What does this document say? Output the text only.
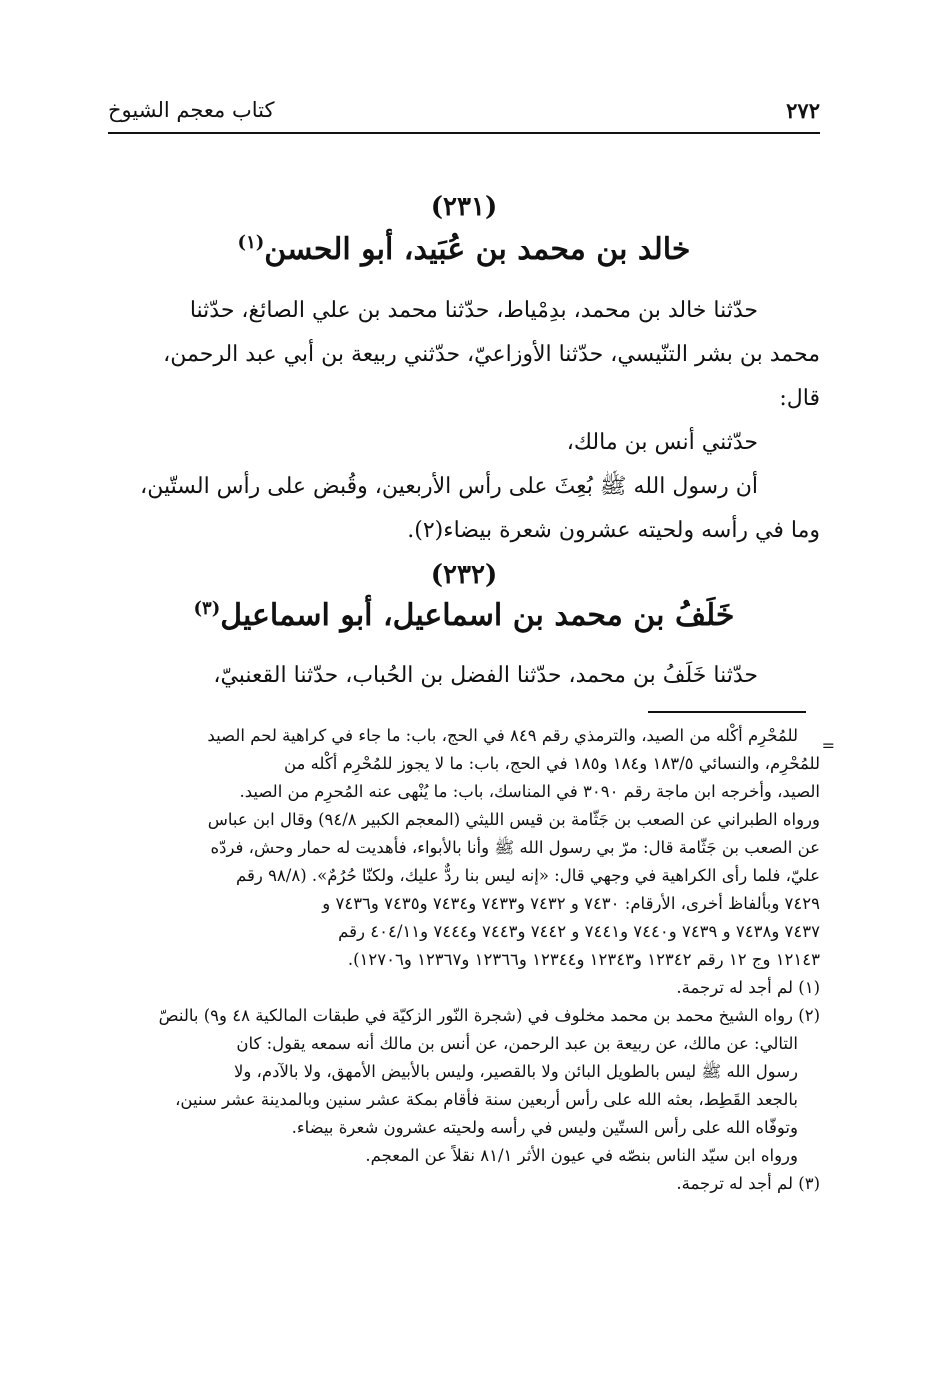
٢٧٢
كتاب معجم الشيوخ
(٢٣١)
خالد بن محمد بن عُبَيد، أبو الحسن$^{(١)}$
حدّثنا خالد بن محمد، بدِمْياط، حدّثنا محمد بن علي الصائغ، حدّثنا
محمد بن بشر التنّيسي، حدّثنا الأوزاعيّ، حدّثني ربيعة بن أبي عبد الرحمن،
قال:
حدّثني أنس بن مالك،
أن رسول الله ﷺ بُعِثَ على رأس الأربعين، وقُبض على رأس الستّين،
وما في رأسه ولحيته عشرون شعرة بيضاء(٢).
(٢٣٢)
خَلَفُ بن محمد بن اسماعيل، أبو اسماعيل$^{(٣)}$
حدّثنا خَلَفُ بن محمد، حدّثنا الفضل بن الحُباب، حدّثنا القعنبيّ،
=
للمُحْرِم أكْله من الصيد، والترمذي رقم ٨٤٩ في الحج، باب: ما جاء في كراهية لحم الصيد
للمُحْرِم، والنسائي ١٨٣/٥ و١٨٤ و١٨٥ في الحج، باب: ما لا يجوز للمُحْرِم أكْله من
الصيد، وأخرجه ابن ماجة رقم ٣٠٩٠ في المناسك، باب: ما يُنْهى عنه المُحرِم من الصيد.
ورواه الطبراني عن الصعب بن جَثّامة بن قيس الليثي (المعجم الكبير ٩٤/٨) وقال ابن عباس
عن الصعب بن جَثّامة قال: مرّ بي رسول الله ﷺ وأنا بالأبواء، فأهديت له حمار وحش، فردّه
عليّ، فلما رأى الكراهية في وجهي قال: «إنه ليس بنا ردٌّ عليك، ولكنّا حُرُمٌ». (٩٨/٨ رقم
٧٤٢٩ وبألفاظ أخرى، الأرقام: ٧٤٣٠ و ٧٤٣٢ و٧٤٣٣ و٧٤٣٤ و٧٤٣٥ و٧٤٣٦ و
٧٤٣٧ و٧٤٣٨ و ٧٤٣٩ و٧٤٤٠ و٧٤٤١ و ٧٤٤٢ و٧٤٤٣ و٧٤٤٤ و٤٠٤/١١ رقم
١٢١٤٣ وج ١٢ رقم ١٢٣٤٢ و١٢٣٤٣ و١٢٣٤٤ و١٢٣٦٦ و١٢٣٦٧ و١٢٧٠٦).
(١) لم أجد له ترجمة.
(٢) رواه الشيخ محمد بن محمد مخلوف في (شجرة النّور الزكيّة في طبقات المالكية ٤٨ و٩) بالنصّ
التالي: عن مالك، عن ربيعة بن عبد الرحمن، عن أنس بن مالك أنه سمعه يقول: كان
رسول الله ﷺ ليس بالطويل البائن ولا بالقصير، وليس بالأبيض الأمهق، ولا بالآدم، ولا
بالجعد القَطِط، بعثه الله على رأس أربعين سنة فأقام بمكة عشر سنين وبالمدينة عشر سنين،
وتوفّاه الله على رأس الستّين وليس في رأسه ولحيته عشرون شعرة بيضاء.
ورواه ابن سيّد الناس بنصّه في عيون الأثر ٨١/١ نقلاً عن المعجم.
(٣) لم أجد له ترجمة.
